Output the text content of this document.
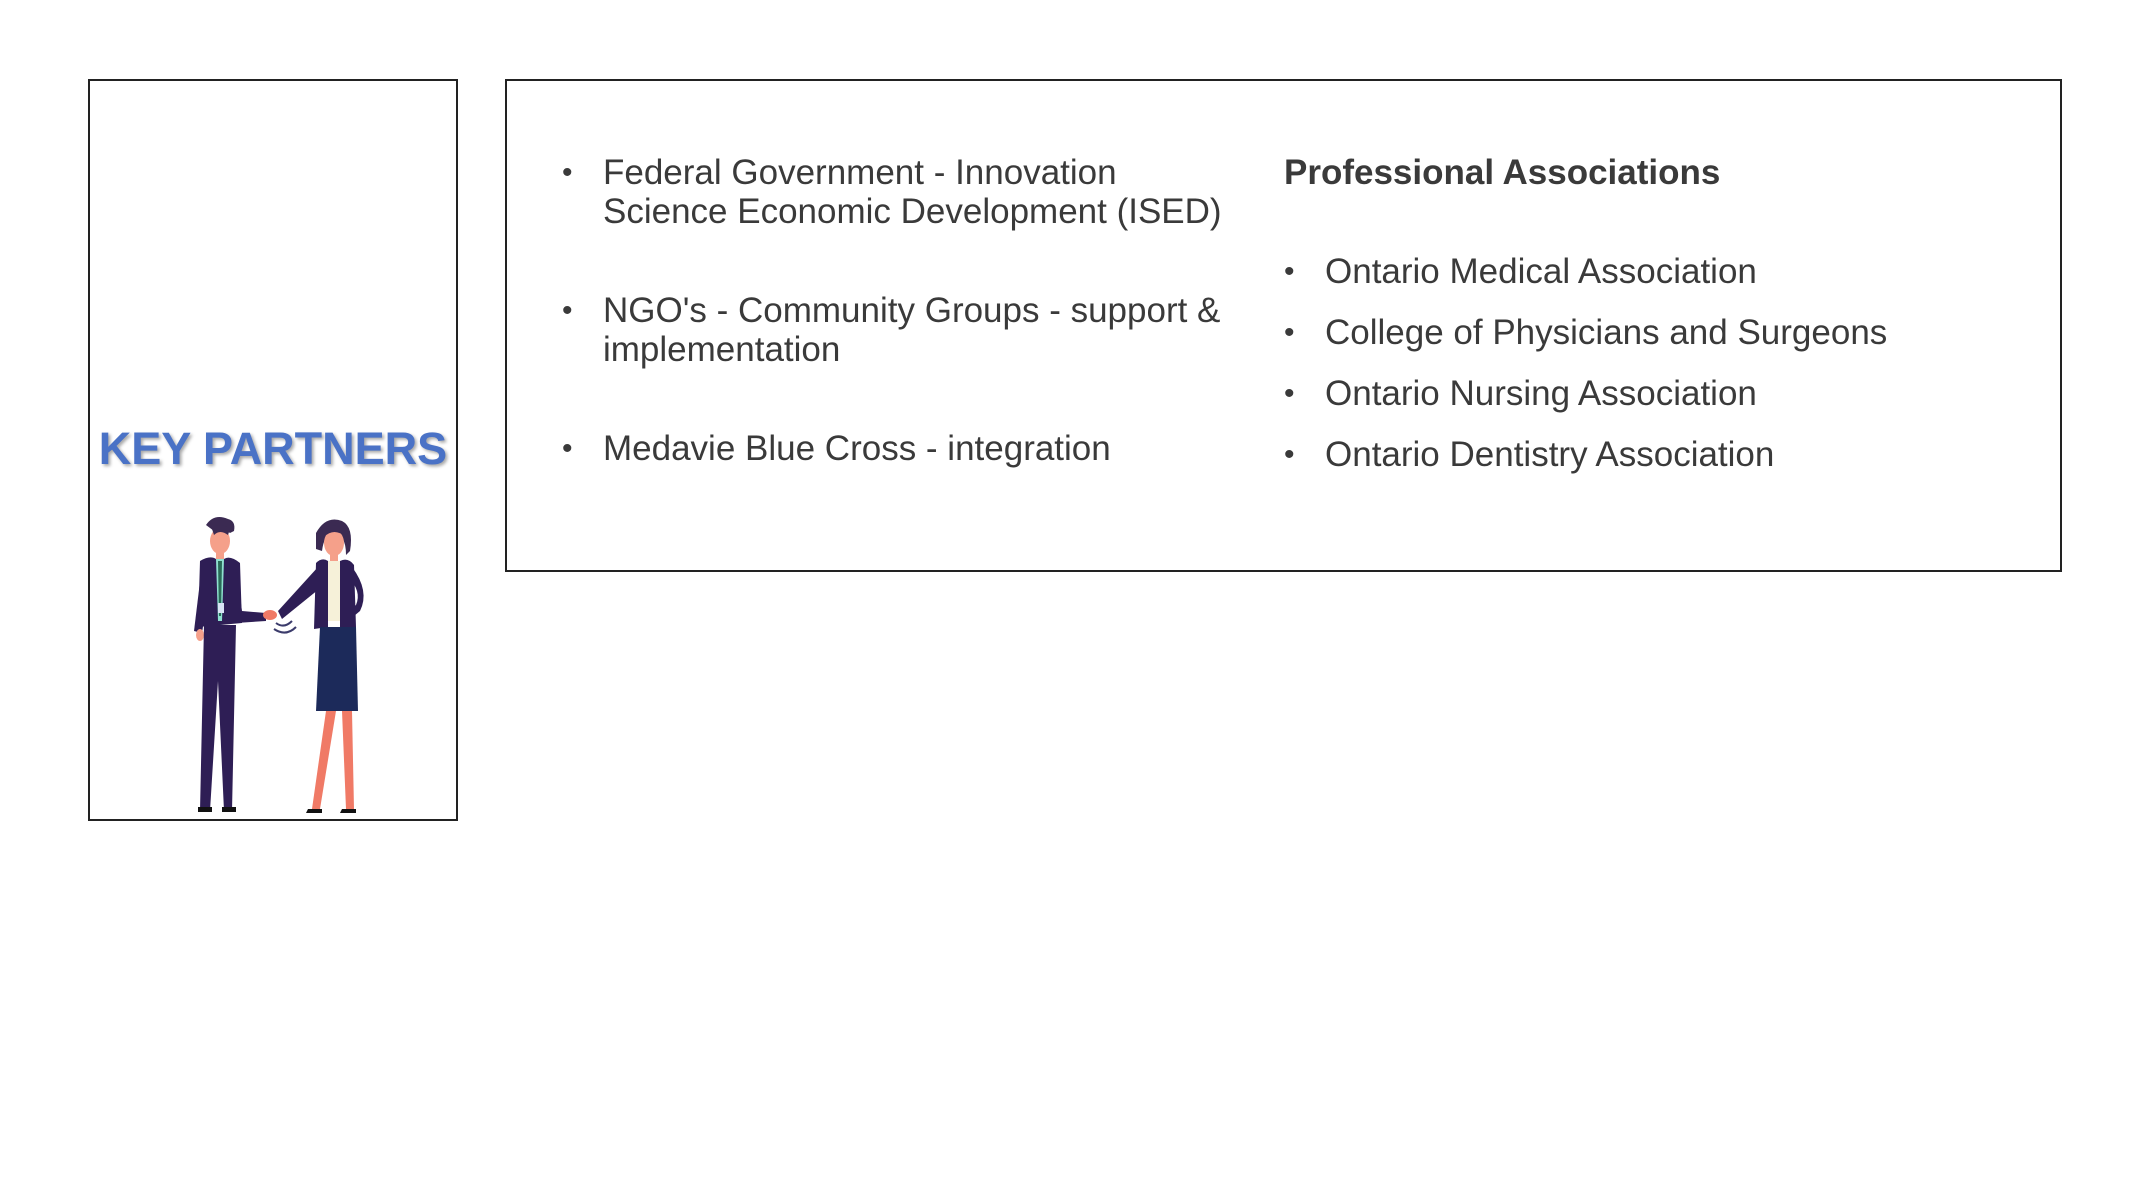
KEY PARTNERS
• Federal Government - Innovation Science Economic Development (ISED)
• NGO's - Community Groups - support & implementation
• Medavie Blue Cross - integration
Professional Associations
• Ontario Medical Association
• College of Physicians and Surgeons
• Ontario Nursing Association
• Ontario Dentistry Association
